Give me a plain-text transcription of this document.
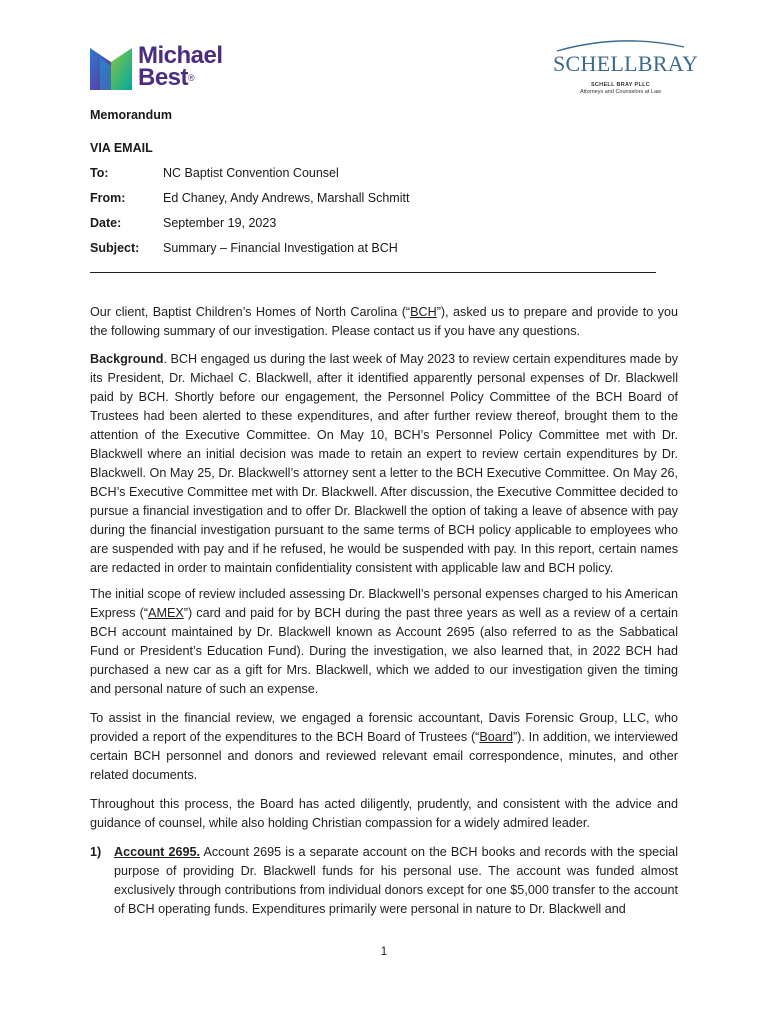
Michael
Best®
SCHELLBRAY
SCHELL BRAY PLLC
Attorneys and Counselors at Law
Memorandum
VIA EMAIL
To:	NC Baptist Convention Counsel
From:	Ed Chaney, Andy Andrews, Marshall Schmitt
Date:	September 19, 2023
Subject: Summary – Financial Investigation at BCH
Our client, Baptist Children’s Homes of North Carolina (“BCH”), asked us to prepare and provide to you the following summary of our investigation. Please contact us if you have any questions.
Background. BCH engaged us during the last week of May 2023 to review certain expenditures made by its President, Dr. Michael C. Blackwell, after it identified apparently personal expenses of Dr. Blackwell paid by BCH. Shortly before our engagement, the Personnel Policy Committee of the BCH Board of Trustees had been alerted to these expenditures, and after further review thereof, brought them to the attention of the Executive Committee. On May 10, BCH’s Personnel Policy Committee met with Dr. Blackwell where an initial decision was made to retain an expert to review certain expenditures by Dr. Blackwell. On May 25, Dr. Blackwell’s attorney sent a letter to the BCH Executive Committee. On May 26, BCH’s Executive Committee met with Dr. Blackwell. After discussion, the Executive Committee decided to pursue a financial investigation and to offer Dr. Blackwell the option of taking a leave of absence with pay during the financial investigation pursuant to the same terms of BCH policy applicable to employees who are suspended with pay and if he refused, he would be suspended with pay. In this report, certain names are redacted in order to maintain confidentiality consistent with applicable law and BCH policy.
The initial scope of review included assessing Dr. Blackwell’s personal expenses charged to his American Express (“AMEX”) card and paid for by BCH during the past three years as well as a review of a certain BCH account maintained by Dr. Blackwell known as Account 2695 (also referred to as the Sabbatical Fund or President’s Education Fund). During the investigation, we also learned that, in 2022 BCH had purchased a new car as a gift for Mrs. Blackwell, which we added to our investigation given the timing and personal nature of such an expense.
To assist in the financial review, we engaged a forensic accountant, Davis Forensic Group, LLC, who provided a report of the expenditures to the BCH Board of Trustees (“Board”). In addition, we interviewed certain BCH personnel and donors and reviewed relevant email correspondence, minutes, and other related documents.
Throughout this process, the Board has acted diligently, prudently, and consistent with the advice and guidance of counsel, while also holding Christian compassion for a widely admired leader.
1) Account 2695. Account 2695 is a separate account on the BCH books and records with the special purpose of providing Dr. Blackwell funds for his personal use. The account was funded almost exclusively through contributions from individual donors except for one $5,000 transfer to the account of BCH operating funds. Expenditures primarily were personal in nature to Dr. Blackwell and
1
